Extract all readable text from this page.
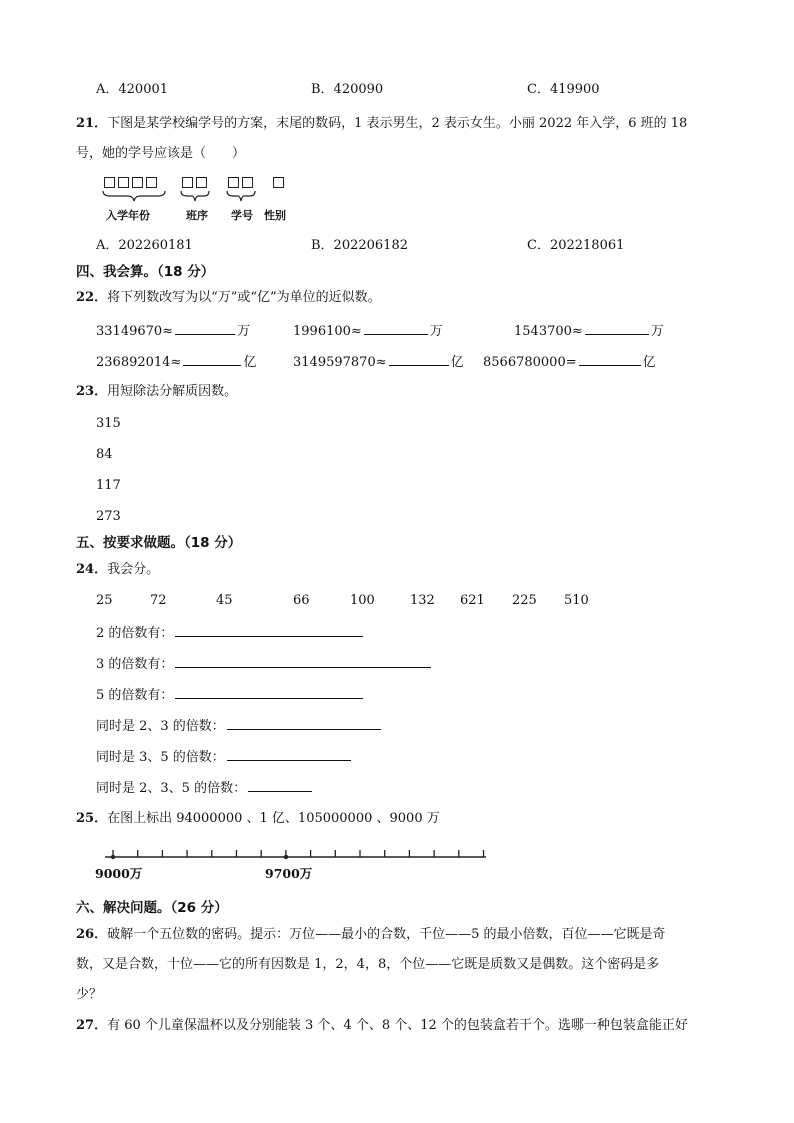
A．420001	B．420090	C．419900
21．下图是某学校编学号的方案，末尾的数码，1 表示男生，2 表示女生。小丽 2022 年入学，6 班的 18
号，她的学号应该是（　　）
入学年份	班序 学号 性别
A．202260181	B．202206182	C．202218061
四、我会算。（18 分）
22．将下列数改写为以“万”或“亿”为单位的近似数。
33149670≈	万	1996100≈	万	1543700≈	万
236892014≈	亿	3149597870≈	亿 8566780000=	亿
23．用短除法分解质因数。
315
84
117
273
五、按要求做题。（18 分）
24．我会分。
25	72	45	66	100	132 621 225 510
2 的倍数有：
3 的倍数有：
5 的倍数有：
同时是 2、3 的倍数：
同时是 3、5 的倍数：
同时是 2、3、5 的倍数：
25．在图上标出 94000000 、1 亿、105000000 、9000 万
9000万	9700万
六、解决问题。（26 分）
26．破解一个五位数的密码。提示：万位——最小的合数，千位——5 的最小倍数，百位——它既是奇
数，又是合数，十位——它的所有因数是 1，2，4，8，个位——它既是质数又是偶数。这个密码是多
少？
27．有 60 个儿童保温杯以及分别能装 3 个、4 个、8 个、12 个的包装盒若干个。选哪一种包装盒能正好
